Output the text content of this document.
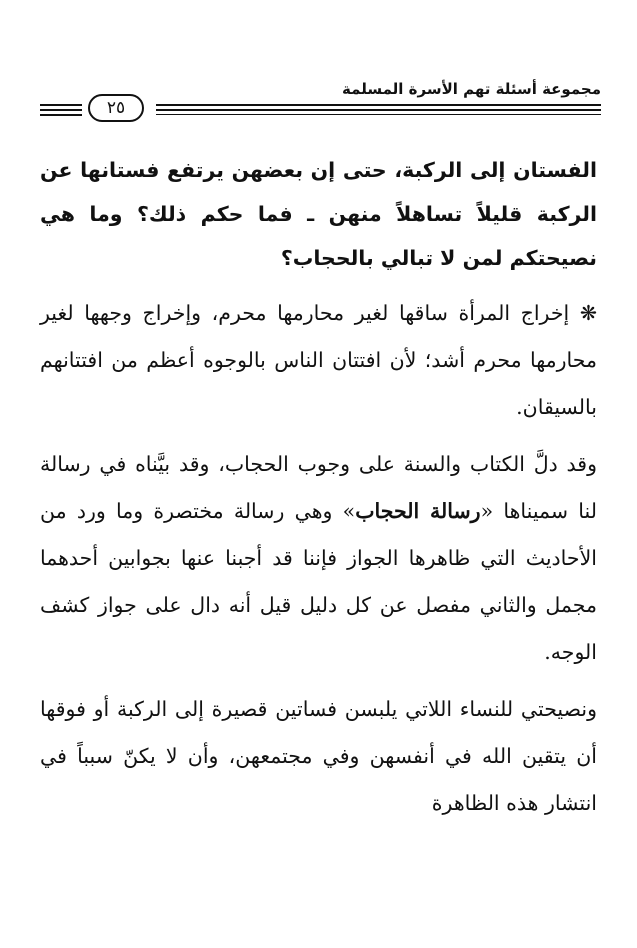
مجموعة أسئلة تهم الأسرة المسلمة
٢٥

الفستان إلى الركبة، حتى إن بعضهن يرتفع فستانها عن الركبة قليلاً تساهلاً منهن ـ فما حكم ذلك؟ وما هي نصيحتكم لمن لا تبالي بالحجاب؟

❋ إخراج المرأة ساقها لغير محارمها محرم، وإخراج وجهها لغير محارمها محرم أشد؛ لأن افتتان الناس بالوجوه أعظم من افتتانهم بالسيقان.

وقد دلَّ الكتاب والسنة على وجوب الحجاب، وقد بيَّناه في رسالة لنا سميناها «رسالة الحجاب» وهي رسالة مختصرة وما ورد من الأحاديث التي ظاهرها الجواز فإننا قد أجبنا عنها بجوابين أحدهما مجمل والثاني مفصل عن كل دليل قيل أنه دال على جواز كشف الوجه.

ونصيحتي للنساء اللاتي يلبسن فساتين قصيرة إلى الركبة أو فوقها أن يتقين الله في أنفسهن وفي مجتمعهن، وأن لا يكنّ سبباً في انتشار هذه الظاهرة
